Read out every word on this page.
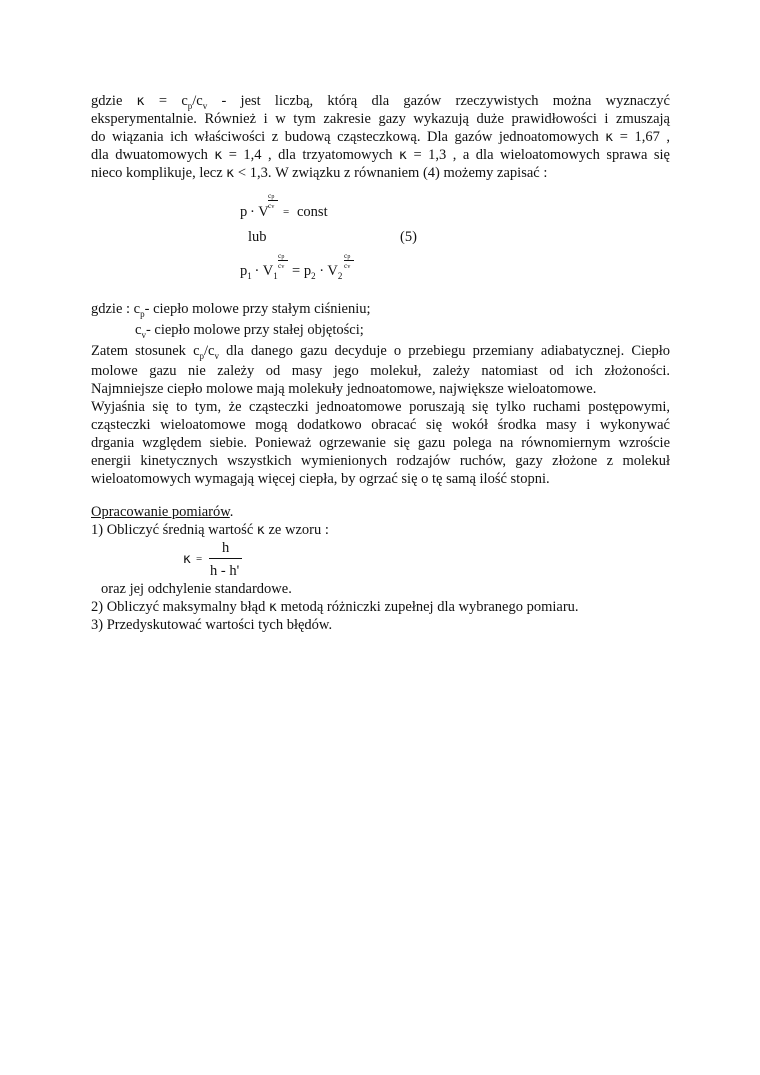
gdzie $\kappa = c_p/c_v$ - jest liczbą, którą dla gazów rzeczywistych można wyznaczyć
eksperymentalnie. Również i w tym zakresie gazy wykazują duże prawidłowości i zmuszają
do wiązania ich właściwości z budową cząsteczkową. Dla gazów jednoatomowych κ = 1,67 ,
dla dwuatomowych κ = 1,4 , dla trzyatomowych κ = 1,3 , a dla wieloatomowych sprawa się
nieco komplikuje, lecz κ < 1,3. W związku z równaniem (4) możemy zapisać :
p · V
cp
cv = const
lub	(5)
$p_1 \cdot V_1$
cp
cv = $p_2 \cdot V_2$
cp
cv
gdzie : $c_p-$ ciepło molowe przy stałym ciśnieniu;
$c_v-$ ciepło molowe przy stałej objętości;
Zatem stosunek $c_p/c_v$ dla danego gazu decyduje o przebiegu przemiany adiabatycznej. Ciepło
molowe gazu nie zależy od masy jego molekuł, zależy natomiast od ich złożoności.
Najmniejsze ciepło molowe mają molekuły jednoatomowe, największe wieloatomowe.
Wyjaśnia się to tym, że cząsteczki jednoatomowe poruszają się tylko ruchami postępowymi,
cząsteczki wieloatomowe mogą dodatkowo obracać się wokół środka masy i wykonywać
drgania względem siebie. Ponieważ ogrzewanie się gazu polega na równomiernym wzroście
energii kinetycznych wszystkich wymienionych rodzajów ruchów, gazy złożone z molekuł
wieloatomowych wymagają więcej ciepła, by ogrzać się o tę samą ilość stopni.
Opracowanie pomiarów.
1) Obliczyć średnią wartość κ ze wzoru :
κ =
h
h - h'
oraz jej odchylenie standardowe.
2) Obliczyć maksymalny błąd κ metodą różniczki zupełnej dla wybranego pomiaru.
3) Przedyskutować wartości tych błędów.
